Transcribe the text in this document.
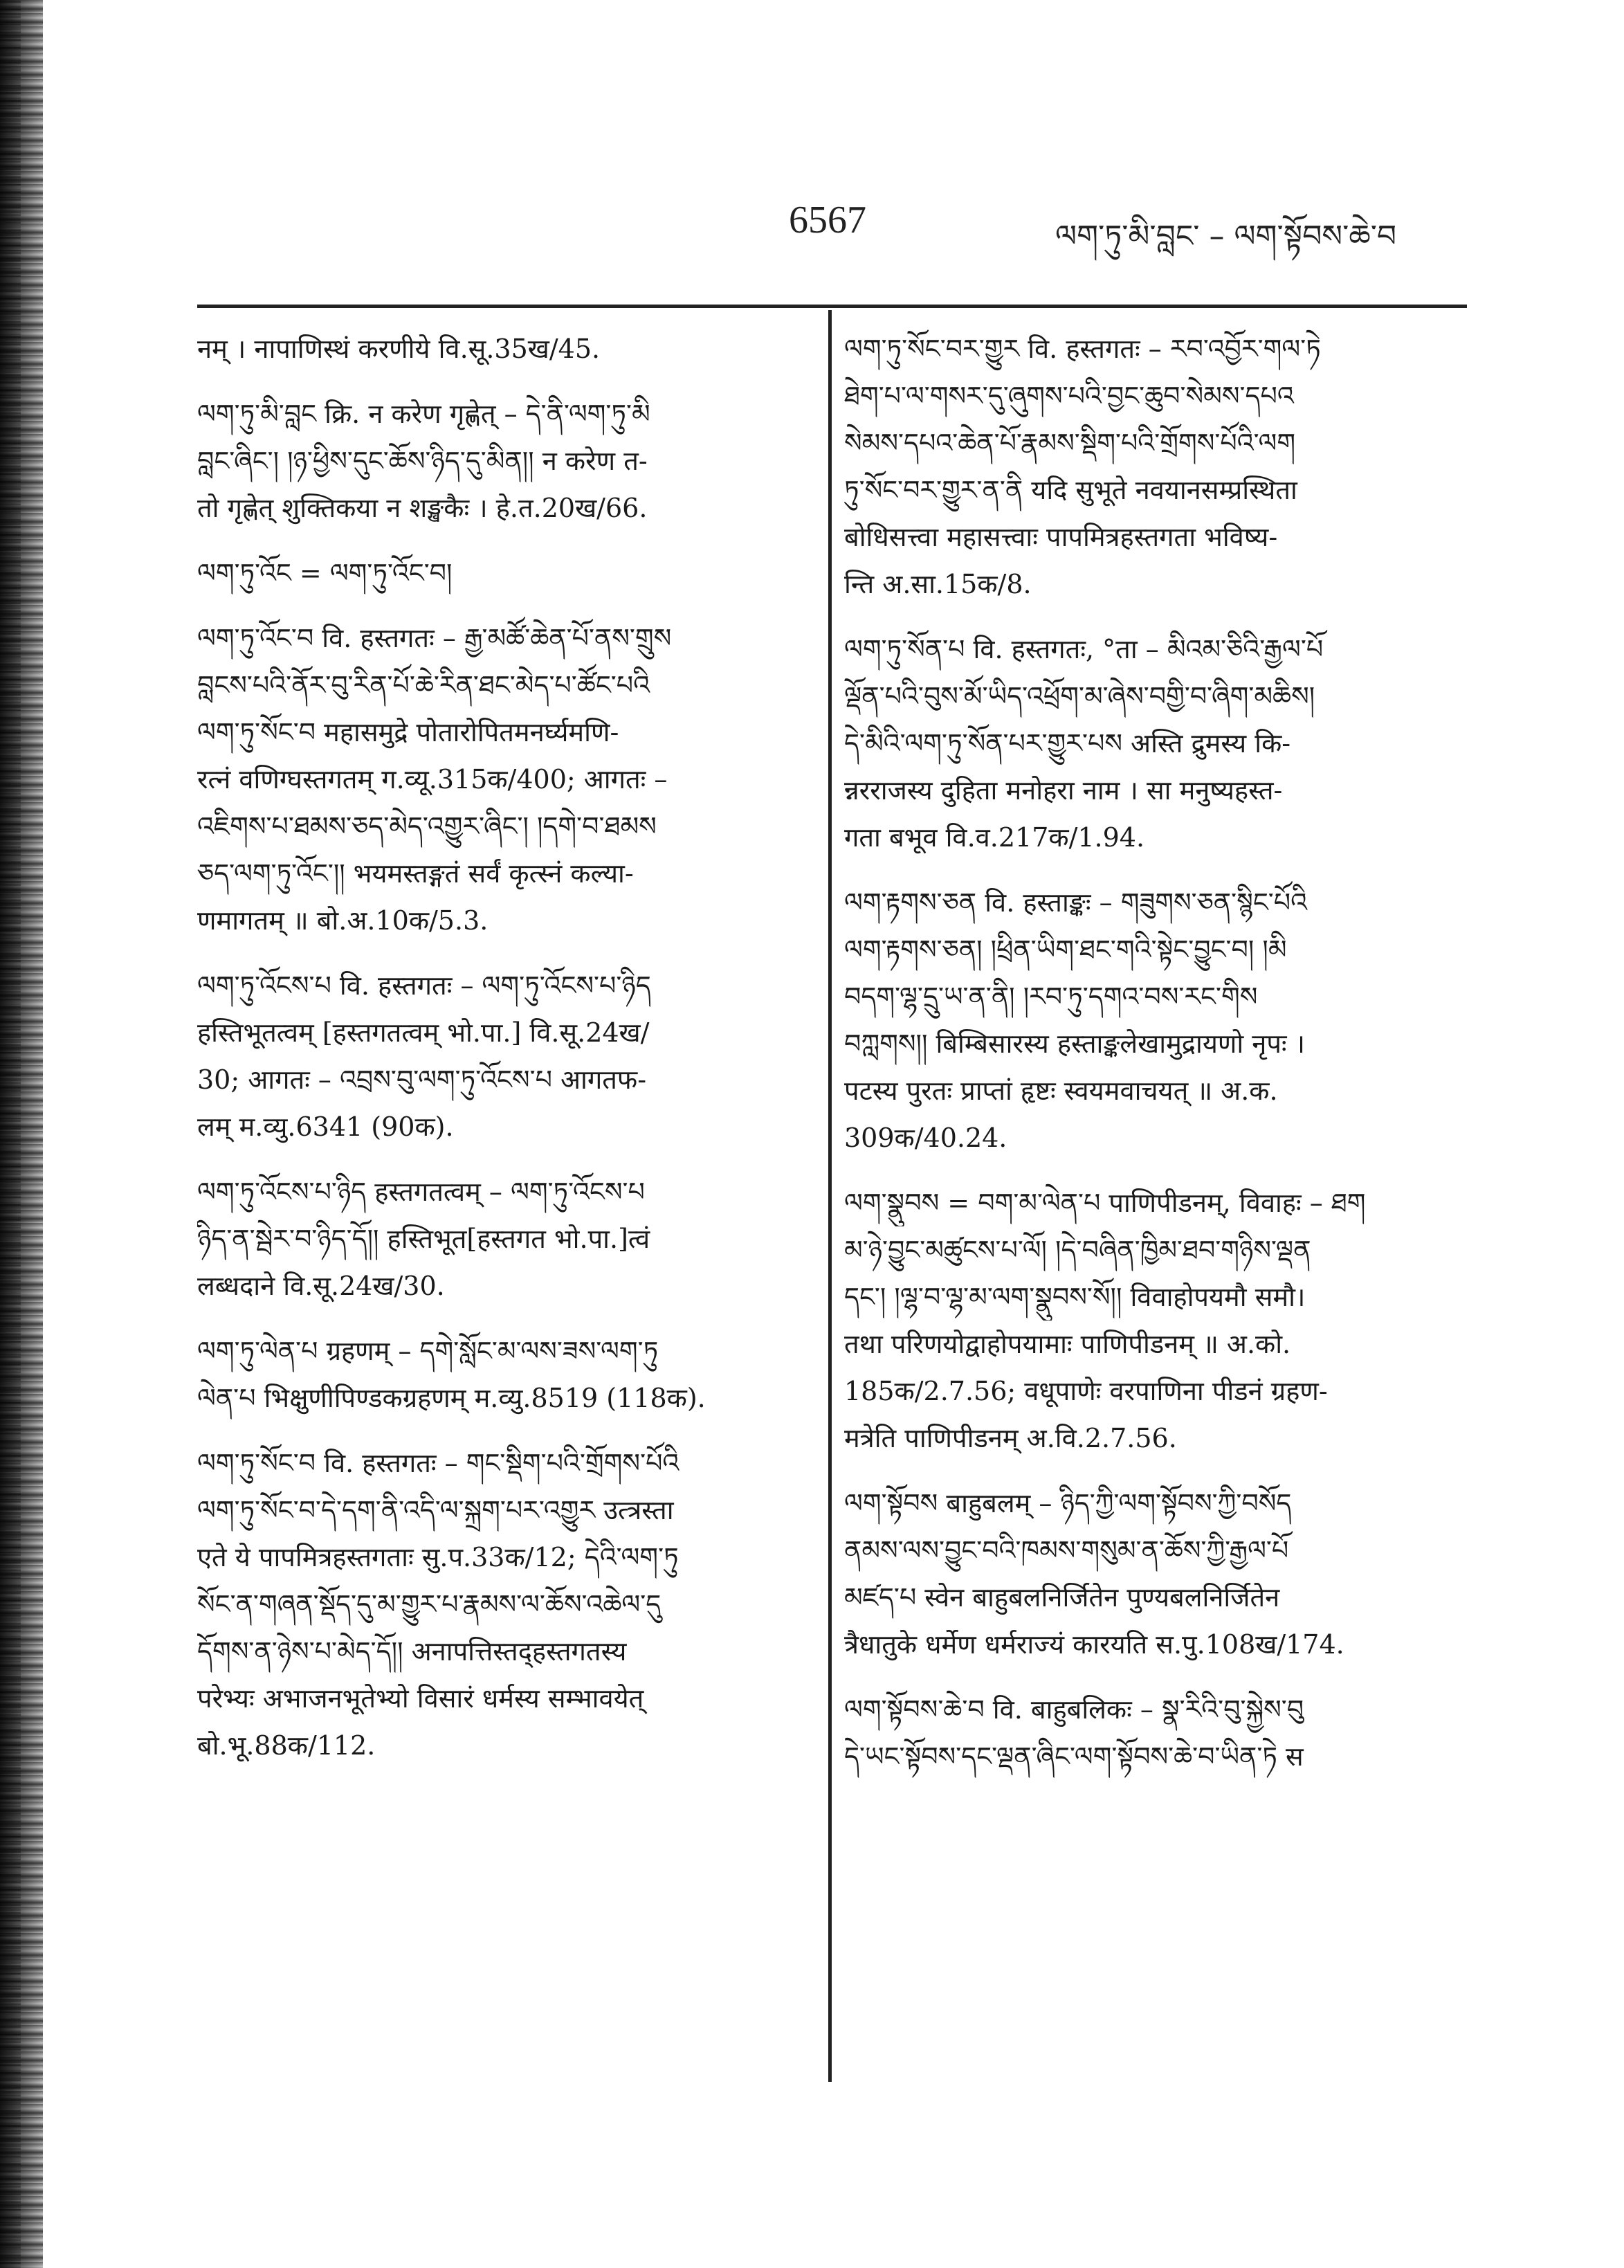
6567	ལག་ཏུ་མི་བླང་ – ལག་སྟོབས་ཆེ་བ
नम् । नापाणिस्थं करणीये वि.सू.35ख/45.
ལག་ཏུ་མི་བླང क्रि. न करेण गृह्णेत् – དེ་ནི་ལག་ཏུ་མི
བླང་ཞིང་། །ཉ་ཕྱིས་དུང་ཆོས་ཉིད་དུ་མིན།། न करेण त-
तो गृह्णेत् शुक्तिकया न शङ्खकैः । हे.त.20ख/66.
ལག་ཏུ་འོང = ལག་ཏུ་འོང་བ།
ལག་ཏུ་འོང་བ वि. हस्तगतः – རྒྱ་མཚོ་ཆེན་པོ་ནས་གྲུས
བླངས་པའི་ནོར་བུ་རིན་པོ་ཆེ་རིན་ཐང་མེད་པ་ཚོང་པའི
ལག་ཏུ་སོང་བ महासमुद्रे पोतारोपितमनर्घ्यमणि-
रत्नं वणिग्घस्तगतम् ग.व्यू.315क/400; आगतः –
འཇིགས་པ་ཐམས་ཅད་མེད་འགྱུར་ཞིང་། །དགེ་བ་ཐམས
ཅད་ལག་ཏུ་འོང་།། भयमस्तङ्गतं सर्वं कृत्स्नं कल्या-
णमागतम् ॥ बो.अ.10क/5.3.
ལག་ཏུ་འོངས་པ वि. हस्तगतः – ལག་ཏུ་འོངས་པ་ཉིད
हस्तिभूतत्वम् [हस्तगतत्वम् भो.पा.] वि.सू.24ख/
30; आगतः – འབྲས་བུ་ལག་ཏུ་འོངས་པ आगतफ-
लम् म.व्यु.6341 (90क).
ལག་ཏུ་འོངས་པ་ཉིད हस्तगतत्वम् – ལག་ཏུ་འོངས་པ
ཉིད་ན་སྦེར་བ་ཉིད་དོ།། हस्तिभूत[हस्तगत भो.पा.]त्वं
लब्धदाने वि.सू.24ख/30.
ལག་ཏུ་ལེན་པ ग्रहणम् – དགེ་སློང་མ་ལས་ཟས་ལག་ཏུ
ལེན་པ भिक्षुणीपिण्डकग्रहणम् म.व्यु.8519 (118क).
ལག་ཏུ་སོང་བ वि. हस्तगतः – གང་སྡིག་པའི་གྲོགས་པོའི
ལག་ཏུ་སོང་བ་དེ་དག་ནི་འདི་ལ་སྐྲག་པར་འགྱུར उत्त्रस्ता
एते ये पापमित्रहस्तगताः सु.प.33क/12; དེའི་ལག་ཏུ
སོང་ན་གཞན་སྡོད་དུ་མ་གྱུར་པ་རྣམས་ལ་ཆོས་འཆེལ་དུ
དོགས་ན་ཉེས་པ་མེད་དོ།། अनापत्तिस्तद्हस्तगतस्य
परेभ्यः अभाजनभूतेभ्यो विसारं धर्मस्य सम्भावयेत्
बो.भू.88क/112.
ལག་ཏུ་སོང་བར་གྱུར वि. हस्तगतः – རབ་འབྱོར་གལ་ཏེ
ཐེག་པ་ལ་གསར་དུ་ཞུགས་པའི་བྱང་ཆུབ་སེམས་དཔའ
སེམས་དཔའ་ཆེན་པོ་རྣམས་སྡིག་པའི་གྲོགས་པོའི་ལག
ཏུ་སོང་བར་གྱུར་ན་ནི यदि सुभूते नवयानसम्प्रस्थिता
बोधिसत्त्वा महासत्त्वाः पापमित्रहस्तगता भविष्य-
न्ति अ.सा.15क/8.
ལག་ཏུ་སོན་པ वि. हस्तगतः, °ता – མིའམ་ཅིའི་རྒྱལ་པོ
ལྡོན་པའི་བུས་མོ་ཡིད་འཕྲོག་མ་ཞེས་བགྱི་བ་ཞིག་མཆིས།
དེ་མིའི་ལག་ཏུ་སོན་པར་གྱུར་པས अस्ति द्रुमस्य कि-
न्नरराजस्य दुहिता मनोहरा नाम । सा मनुष्यहस्त-
गता बभूव वि.व.217क/1.94.
ལག་རྟགས་ཅན वि. हस्ताङ्कः – གཟུགས་ཅན་སྙིང་པོའི
ལག་རྟགས་ཅན། །ཕྲིན་ཡིག་ཐང་གའི་སྟེང་བྱུང་བ། །མི
བདག་ལྷ་དྲུ་ཡ་ན་ནི། །རབ་ཏུ་དགའ་བས་རང་གིས
བཀླགས།། बिम्बिसारस्य हस्ताङ्कलेखामुद्रायणो नृपः ।
पटस्य पुरतः प्राप्तां हृष्टः स्वयमवाचयत् ॥ अ.क.
309क/40.24.
ལག་སྣུབས = བག་མ་ལེན་པ पाणिपीडनम्, विवाहः – ཐག
མ་ཉེ་བྱུང་མཚུངས་པ་ལོ། །དེ་བཞིན་ཁྱིམ་ཐབ་གཉིས་ལྡན
དང་། །ལྷ་བ་ལྷ་མ་ལག་སྣུབས་སོ།། विवाहोपयमौ समौ।
तथा परिणयोद्वाहोपयामाः पाणिपीडनम् ॥ अ.को.
185क/2.7.56; वधूपाणेः वरपाणिना पीडनं ग्रहण-
मत्रेति पाणिपीडनम् अ.वि.2.7.56.
ལག་སྟོབས बाहुबलम् – ཉིད་ཀྱི་ལག་སྟོབས་ཀྱི་བསོད
ནམས་ལས་བྱུང་བའི་ཁམས་གསུམ་ན་ཆོས་ཀྱི་རྒྱལ་པོ
མཛད་པ स्वेन बाहुबलनिर्जितेन पुण्यबलनिर्जितेन
त्रैधातुके धर्मेण धर्मराज्यं कारयति स.पु.108ख/174.
ལག་སྟོབས་ཆེ་བ वि. बाहुबलिकः – སྣ་རིའི་བུ་སྐྱེས་བུ
དེ་ཡང་སྟོབས་དང་ལྡན་ཞིང་ལག་སྟོབས་ཆེ་བ་ཡིན་ཏེ स
